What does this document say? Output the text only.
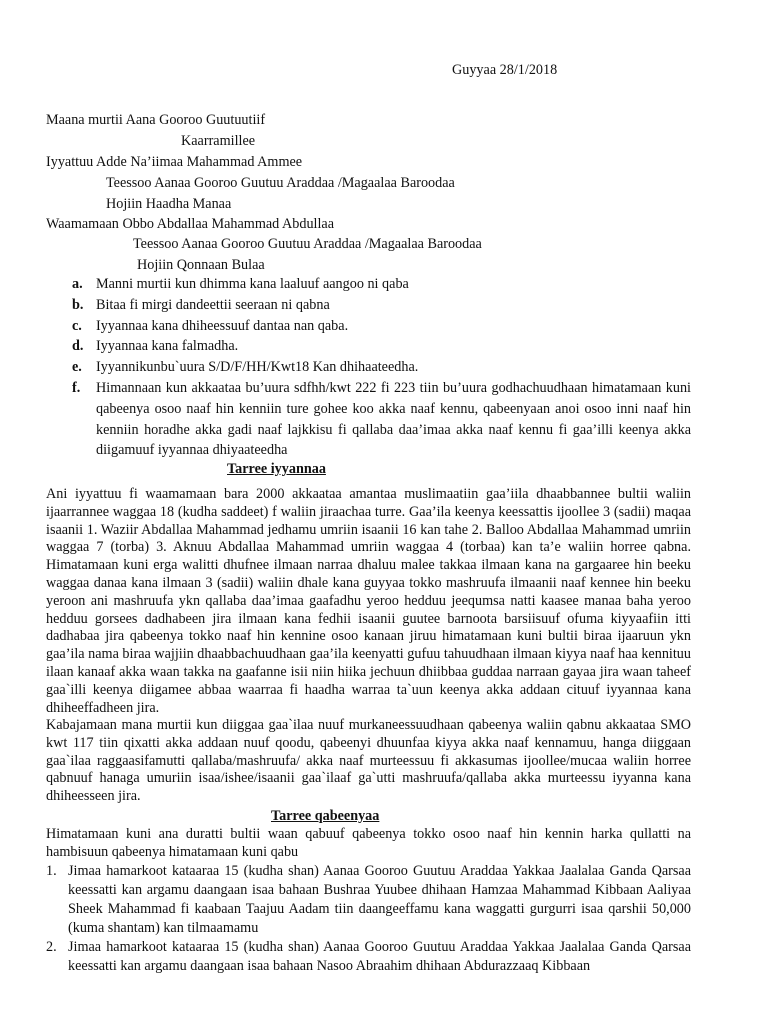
Guyyaa 28/1/2018
Maana murtii Aana Gooroo Guutuutiif
Kaarramillee
Iyyattuu Adde Na’iimaa Mahammad Ammee
Teessoo Aanaa Gooroo Guutuu Araddaa /Magaalaa Baroodaa
Hojiin Haadha Manaa
Waamamaan Obbo Abdallaa Mahammad Abdullaa
Teessoo Aanaa Gooroo Guutuu Araddaa /Magaalaa Baroodaa
Hojiin Qonnaan Bulaa
a. Manni murtii kun dhimma kana laaluuf aangoo ni qaba
b. Bitaa fi mirgi dandeettii seeraan ni qabna
c. Iyyannaa kana dhiheessuuf dantaa nan qaba.
d. Iyyannaa kana falmadha.
e. Iyyannikunbu`uura S/D/F/HH/Kwt18 Kan dhihaateedha.
f. Himannaan kun akkaataa bu’uura sdfhh/kwt 222 fi 223 tiin bu’uura godhachuudhaan himatamaan kuni qabeenya osoo naaf hin kenniin ture gohee koo akka naaf kennu, qabeenyaan anoi osoo inni naaf hin kenniin horadhe akka gadi naaf lajkkisu fi qallaba daa’imaa akka naaf kennu fi gaa’illi keenya akka diigamuuf iyyannaa dhiyaateedha
Tarree iyyannaa

Ani iyyattuu fi waamamaan bara 2000 akkaataa amantaa muslimaatiin gaa’iila dhaabbannee bultii waliin ijaarrannee waggaa 18 (kudha saddeet) f waliin jiraachaa turre. Gaa’ila keenya keessattis ijoollee 3 (sadii) maqaa isaanii 1. Waziir Abdallaa Mahammad jedhamu umriin isaanii 16 kan tahe 2. Balloo Abdallaa Mahammad umriin waggaa 7 (torba) 3. Aknuu Abdallaa Mahammad umriin waggaa 4 (torbaa) kan ta’e waliin horree qabna. Himatamaan kuni erga walitti dhufnee ilmaan narraa dhaluu malee takkaa ilmaan kana na gargaaree hin beeku waggaa danaa kana ilmaan 3 (sadii) waliin dhale kana guyyaa tokko mashruufa ilmaanii naaf kennee hin beeku yeroon ani mashruufa ykn qallaba daa’imaa gaafadhu yeroo hedduu jeequmsa natti kaasee manaa baha yeroo hedduu gorsees dadhabeen jira ilmaan kana fedhii isaanii guutee barnoota barsiisuuf ofuma kiyyaafiin itti dadhabaa jira qabeenya tokko naaf hin kennine osoo kanaan jiruu himatamaan kuni bultii biraa ijaaruun ykn gaa’ila nama biraa wajjiin dhaabbachuudhaan gaa’ila keenyatti gufuu tahuudhaan ilmaan kiyya naaf haa kennituu ilaan kanaaf akka waan takka na gaafanne isii niin hiika jechuun dhiibbaa guddaa narraan gayaa jira waan taheef gaa`illi keenya diigamee abbaa waarraa fi haadha warraa ta`uun keenya akka addaan cituuf iyyannaa kana dhiheeffadheen jira.

Kabajamaan mana murtii kun diiggaa gaa`ilaa nuuf murkaneessuudhaan qabeenya waliin qabnu akkaataa SMO kwt 117 tiin qixatti akka addaan nuuf qoodu, qabeenyi dhuunfaa kiyya akka naaf kennamuu, hanga diiggaan gaa`ilaa raggaasifamutti qallaba/mashruufa/ akka naaf murteessuu fi akkasumas ijoollee/mucaa waliin horree qabnuuf hanaga umuriin isaa/ishee/isaanii gaa`ilaaf ga`utti mashruufa/qallaba akka murteessu iyyanna kana dhiheesseen jira.

Tarree qabeenyaa

Himatamaan kuni ana duratti bultii waan qabuuf qabeenya tokko osoo naaf hin kennin harka qullatti na hambisuun qabeenya himatamaan kuni qabu

1. Jimaa hamarkoot kataaraa 15 (kudha shan) Aanaa Gooroo Guutuu Araddaa Yakkaa Jaalalaa Ganda Qarsaa keessatti kan argamu daangaan isaa bahaan Bushraa Yuubee dhihaan Hamzaa Mahammad Kibbaan Aaliyaa Sheek Mahammad fi kaabaan Taajuu Aadam tiin daangeeffamu kana waggatti gurgurri isaa qarshii 50,000 (kuma shantam) kan tilmaamamu
2. Jimaa hamarkoot kataaraa 15 (kudha shan) Aanaa Gooroo Guutuu Araddaa Yakkaa Jaalalaa Ganda Qarsaa keessatti kan argamu daangaan isaa bahaan Nasoo Abraahim dhihaan Abdurazzaaq Kibbaan
